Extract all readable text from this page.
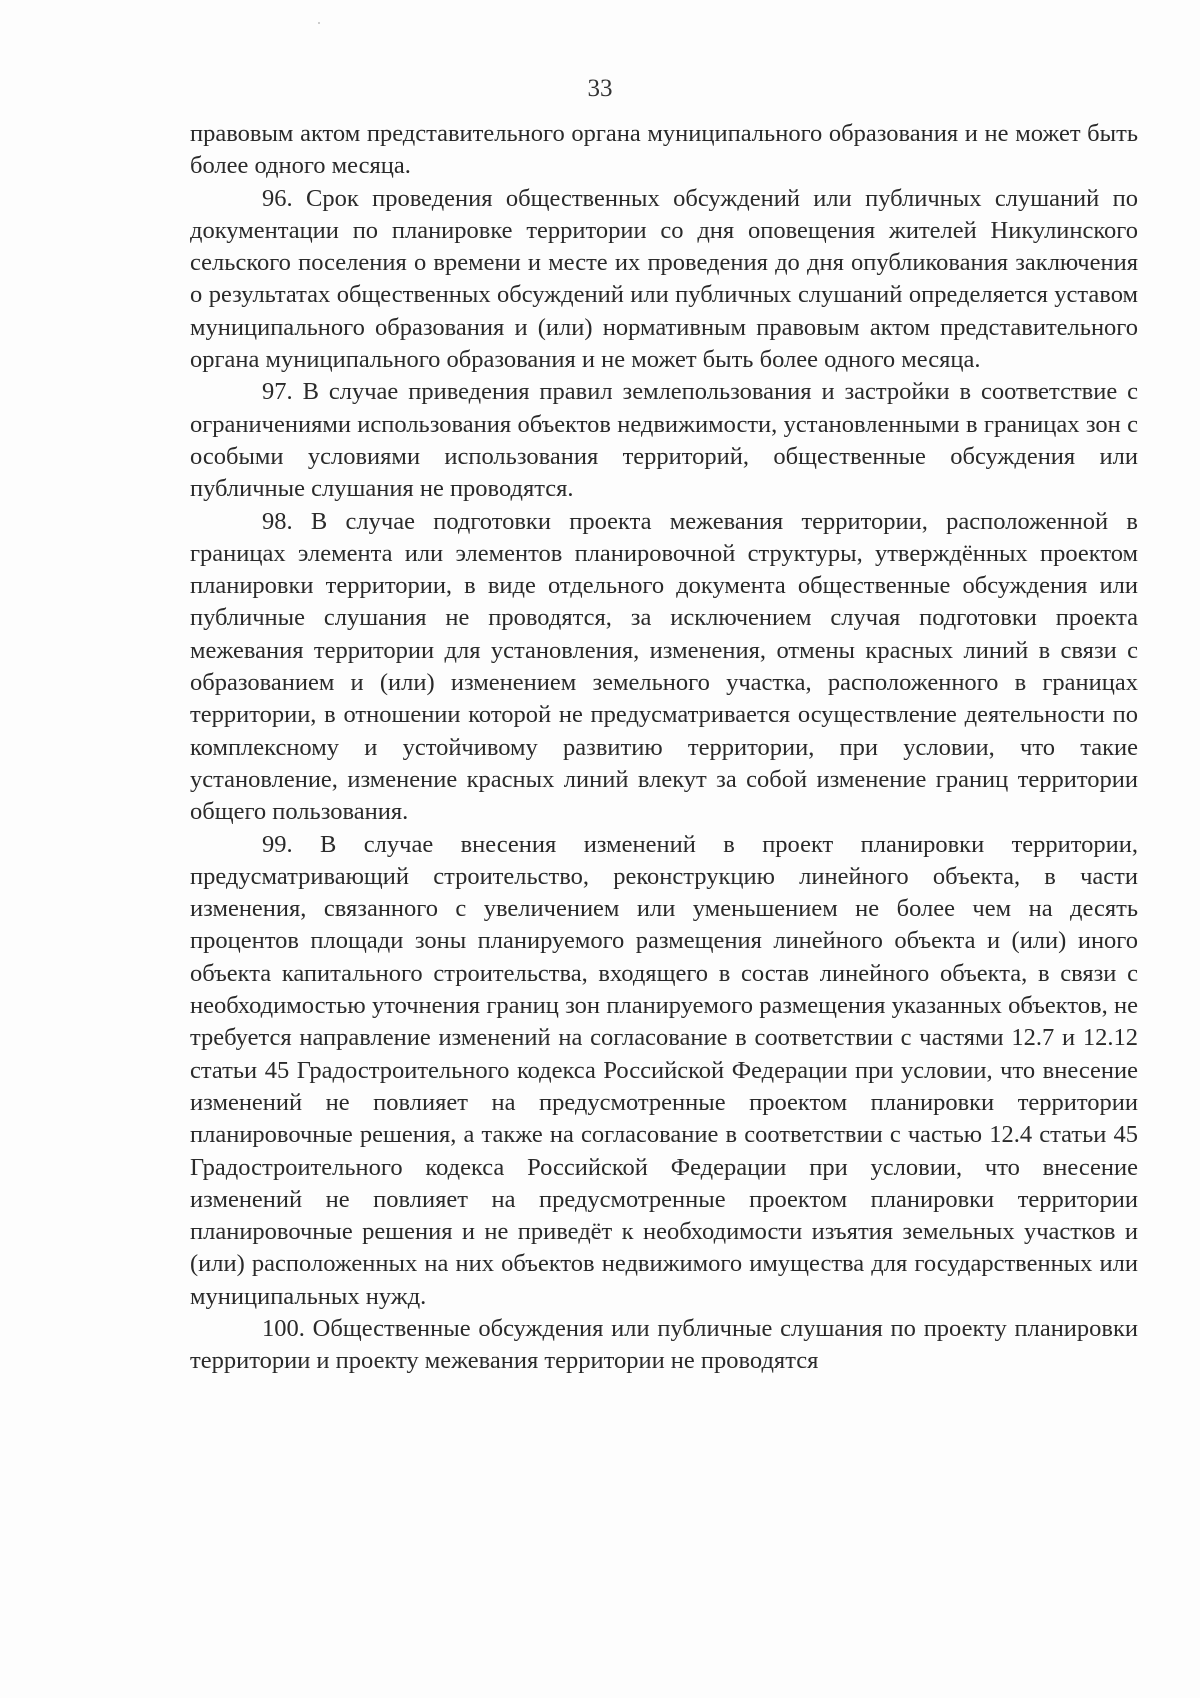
33

правовым актом представительного органа муниципального образования и не может быть более одного месяца.

96. Срок проведения общественных обсуждений или публичных слушаний по документации по планировке территории со дня оповещения жителей Никулинского сельского поселения о времени и месте их проведения до дня опубликования заключения о результатах общественных обсуждений или публичных слушаний определяется уставом муниципального образования и (или) нормативным правовым актом представительного органа муниципального образования и не может быть более одного месяца.

97. В случае приведения правил землепользования и застройки в соответствие с ограничениями использования объектов недвижимости, установленными в границах зон с особыми условиями использования территорий, общественные обсуждения или публичные слушания не проводятся.

98. В случае подготовки проекта межевания территории, расположенной в границах элемента или элементов планировочной структуры, утверждённых проектом планировки территории, в виде отдельного документа общественные обсуждения или публичные слушания не проводятся, за исключением случая подготовки проекта межевания территории для установления, изменения, отмены красных линий в связи с образованием и (или) изменением земельного участка, расположенного в границах территории, в отношении которой не предусматривается осуществление деятельности по комплексному и устойчивому развитию территории, при условии, что такие установление, изменение красных линий влекут за собой изменение границ территории общего пользования.

99. В случае внесения изменений в проект планировки территории, предусматривающий строительство, реконструкцию линейного объекта, в части изменения, связанного с увеличением или уменьшением не более чем на десять процентов площади зоны планируемого размещения линейного объекта и (или) иного объекта капитального строительства, входящего в состав линейного объекта, в связи с необходимостью уточнения границ зон планируемого размещения указанных объектов, не требуется направление изменений на согласование в соответствии с частями 12.7 и 12.12 статьи 45 Градостроительного кодекса Российской Федерации при условии, что внесение изменений не повлияет на предусмотренные проектом планировки территории планировочные решения, а также на согласование в соответствии с частью 12.4 статьи 45 Градостроительного кодекса Российской Федерации при условии, что внесение изменений не повлияет на предусмотренные проектом планировки территории планировочные решения и не приведёт к необходимости изъятия земельных участков и (или) расположенных на них объектов недвижимого имущества для государственных или муниципальных нужд.

100. Общественные обсуждения или публичные слушания по проекту планировки территории и проекту межевания территории не проводятся
